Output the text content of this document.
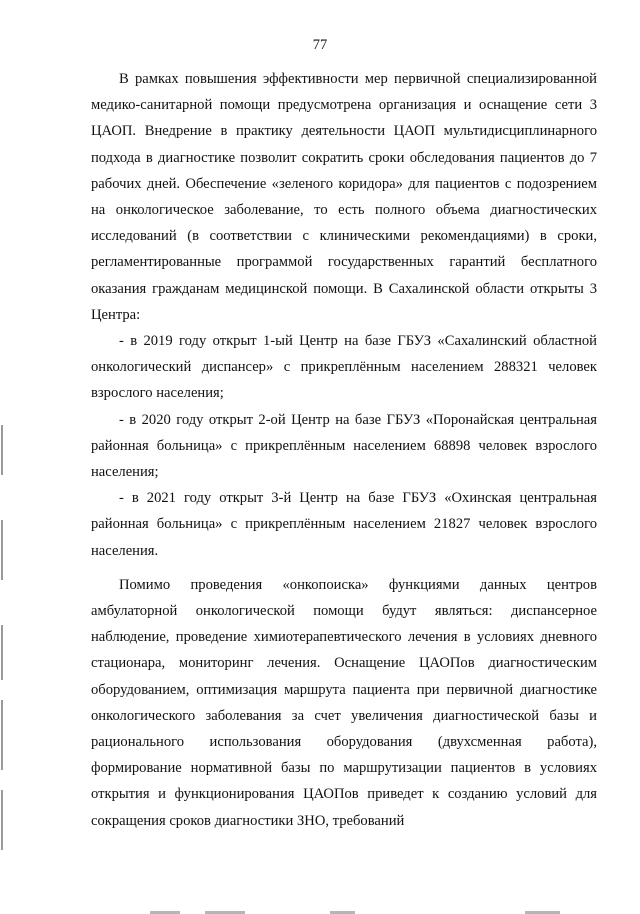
77

В рамках повышения эффективности мер первичной специализированной медико-санитарной помощи предусмотрена организация и оснащение сети 3 ЦАОП. Внедрение в практику деятельности ЦАОП мультидисциплинарного подхода в диагностике позволит сократить сроки обследования пациентов до 7 рабочих дней. Обеспечение «зеленого коридора» для пациентов с подозрением на онкологическое заболевание, то есть полного объема диагностических исследований (в соответствии с клиническими рекомендациями) в сроки, регламентированные программой государственных гарантий бесплатного оказания гражданам медицинской помощи. В Сахалинской области открыты 3 Центра:

- в 2019 году открыт 1-ый Центр на базе ГБУЗ «Сахалинский областной онкологический диспансер» с прикреплённым населением 288321 человек взрослого населения;

- в 2020 году открыт 2-ой Центр на базе ГБУЗ «Поронайская центральная районная больница» с прикреплённым населением 68898 человек взрослого населения;

- в 2021 году открыт 3-й Центр на базе ГБУЗ «Охинская центральная районная больница» с прикреплённым населением 21827 человек взрослого населения.

Помимо проведения «онкопоиска» функциями данных центров амбулаторной онкологической помощи будут являться: диспансерное наблюдение, проведение химиотерапевтического лечения в условиях дневного стационара, мониторинг лечения. Оснащение ЦАОПов диагностическим оборудованием, оптимизация маршрута пациента при первичной диагностике онкологического заболевания за счет увеличения диагностической базы и рационального использования оборудования (двухсменная работа), формирование нормативной базы по маршрутизации пациентов в условиях открытия и функционирования ЦАОПов приведет к созданию условий для сокращения сроков диагностики ЗНО, требований
